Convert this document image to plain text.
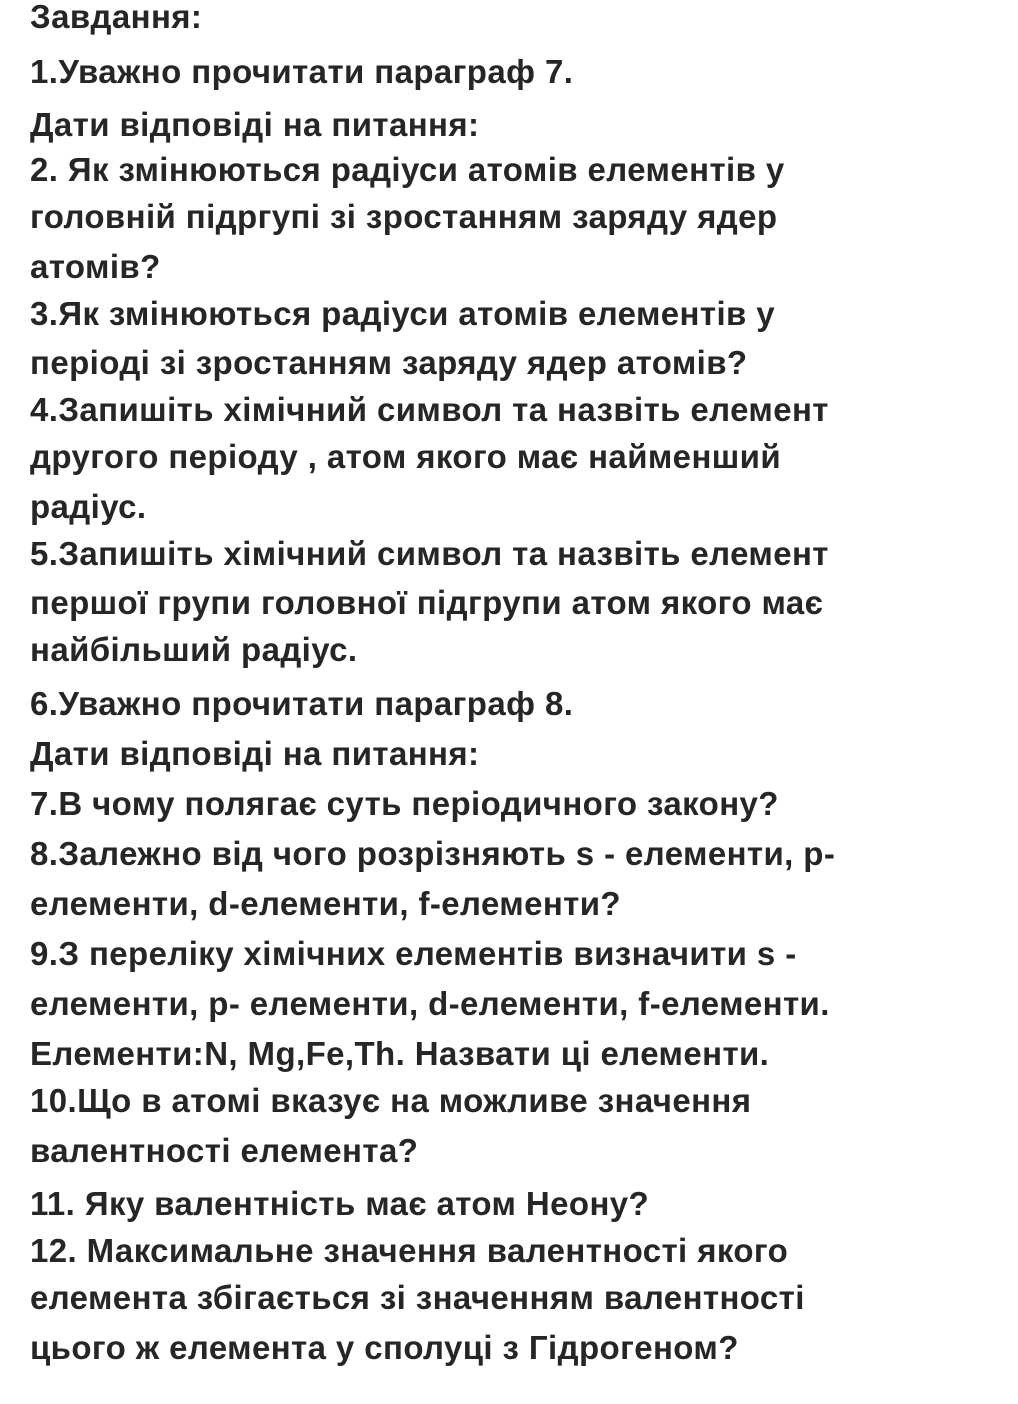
Завдання:
1.Уважно прочитати параграф 7.
Дати відповіді на питання:
2. Як змінюються радіуси атомів елементів у
головній підргупі зі зростанням заряду ядер
атомів?
3.Як змінюються радіуси атомів елементів у
періоді зі зростанням заряду ядер атомів?
4.Запишіть хімічний символ та назвіть елемент
другого періоду , атом якого має найменший
радіус.
5.Запишіть хімічний символ та назвіть елемент
першої групи головної підгрупи атом якого має
найбільший радіус.
6.Уважно прочитати параграф 8.
Дати відповіді на питання:
7.В чому полягає суть періодичного закону?
8.Залежно від чого розрізняють s - елементи, p-
елементи, d-елементи, f-елементи?
9.З переліку хімічних елементів визначити s -
елементи, p- елементи, d-елементи, f-елементи.
Елементи:N, Mg,Fe,Th. Назвати ці елементи.
10.Що в атомі вказує на можливе значення
валентності елемента?
11. Яку валентність має атом Неону?
12. Максимальне значення валентності якого
елемента збігається зі значенням валентності
цього ж елемента у сполуці з Гідрогеном?
